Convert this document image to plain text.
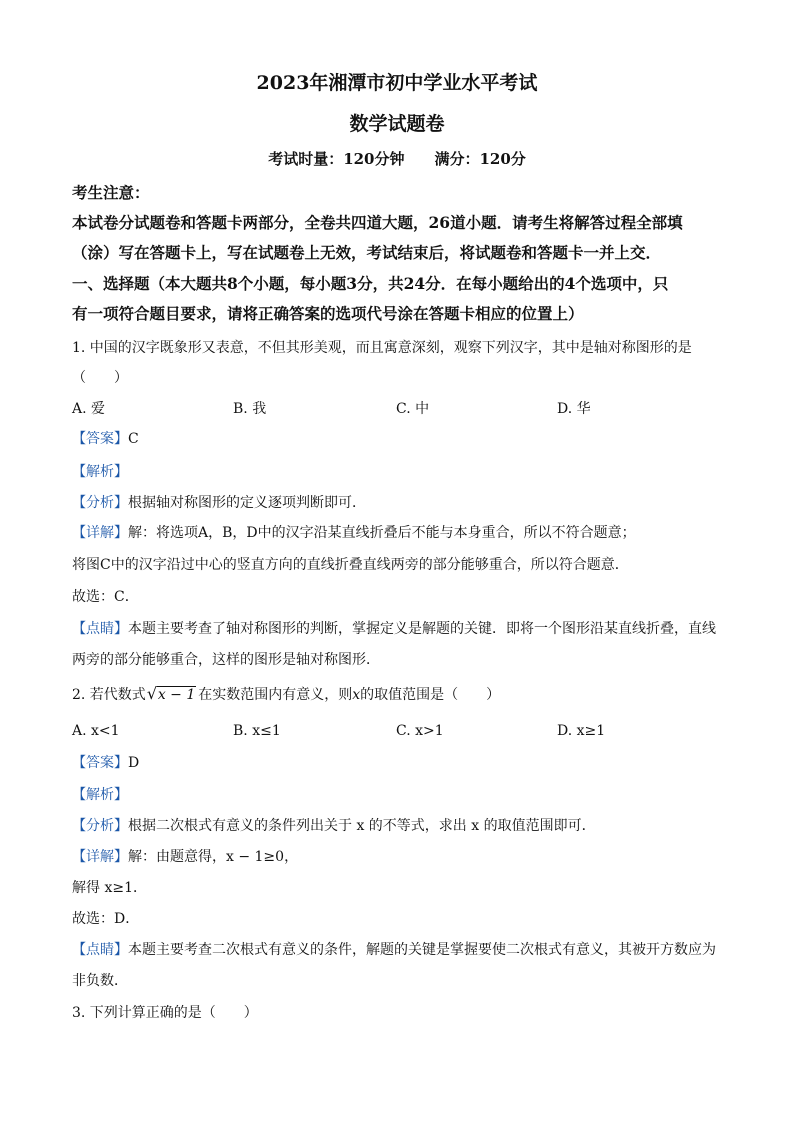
2023年湘潭市初中学业水平考试
数学试题卷
考试时量：120分钟　　满分：120分
考生注意：
本试卷分试题卷和答题卡两部分，全卷共四道大题，26道小题．请考生将解答过程全部填
（涂）写在答题卡上，写在试题卷上无效，考试结束后，将试题卷和答题卡一并上交．
一、选择题（本大题共8个小题，每小题3分，共24分．在每小题给出的4个选项中，只
有一项符合题目要求，请将正确答案的选项代号涂在答题卡相应的位置上）
1. 中国的汉字既象形又表意，不但其形美观，而且寓意深刻，观察下列汉字，其中是轴对称图形的是
（　　）
A. 爱	B. 我	C. 中	D. 华
【答案】C
【解析】
【分析】根据轴对称图形的定义逐项判断即可．
【详解】解：将选项A，B，D中的汉字沿某直线折叠后不能与本身重合，所以不符合题意；
将图C中的汉字沿过中心的竖直方向的直线折叠直线两旁的部分能够重合，所以符合题意．
故选：C．
【点睛】本题主要考查了轴对称图形的判断，掌握定义是解题的关键．即将一个图形沿某直线折叠，直线
两旁的部分能够重合，这样的图形是轴对称图形．
2. 若代数式√ x − 1 在实数范围内有意义，则x的取值范围是（　　）
A. x<1	B. x≤1	C. x>1	D. x≥1
【答案】D
【解析】
【分析】根据二次根式有意义的条件列出关于 x 的不等式，求出 x 的取值范围即可．
【详解】解：由题意得，x − 1≥0，
解得 x≥1．
故选：D．
【点睛】本题主要考查二次根式有意义的条件，解题的关键是掌握要使二次根式有意义，其被开方数应为
非负数．
3. 下列计算正确的是（　　）
